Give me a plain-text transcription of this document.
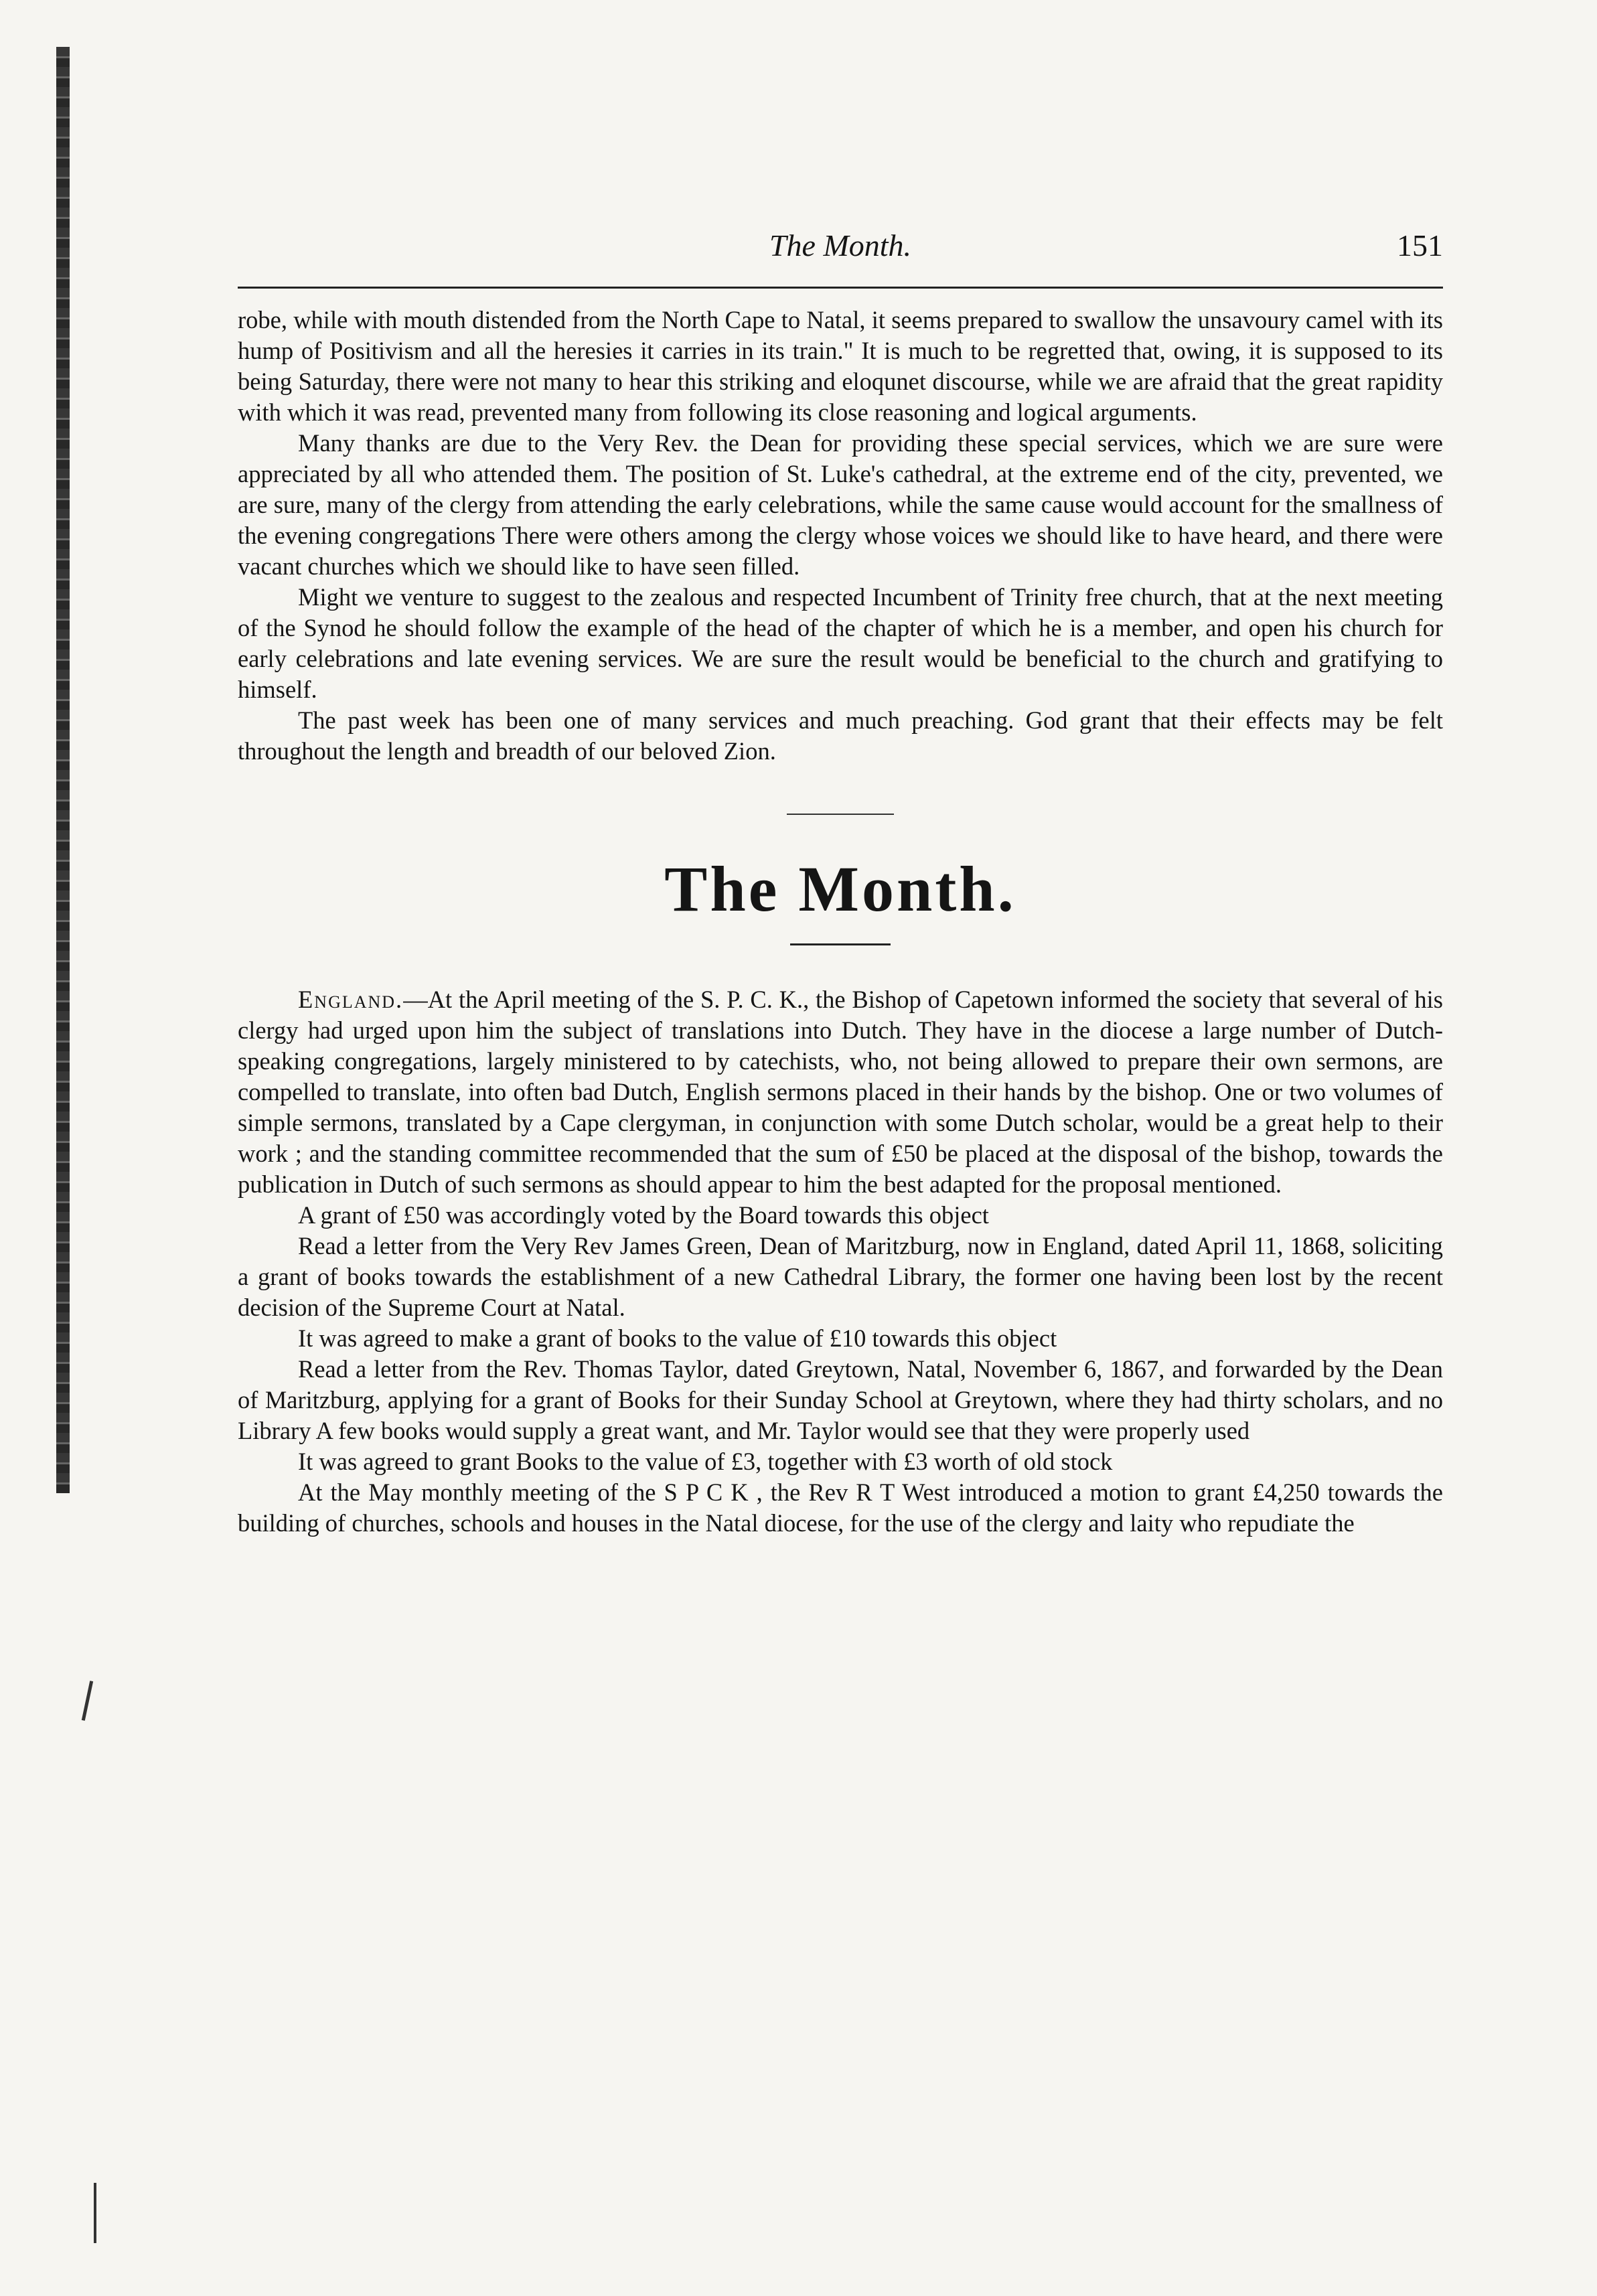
The Month.	151

robe, while with mouth distended from the North Cape to Natal, it seems prepared to swallow the unsavoury camel with its hump of Positivism and all the heresies it carries in its train." It is much to be regretted that, owing, it is supposed to its being Saturday, there were not many to hear this striking and eloqunet discourse, while we are afraid that the great rapidity with which it was read, prevented many from following its close reasoning and logical arguments.

Many thanks are due to the Very Rev. the Dean for providing these special services, which we are sure were appreciated by all who attended them. The position of St. Luke's cathedral, at the extreme end of the city, prevented, we are sure, many of the clergy from attending the early celebrations, while the same cause would account for the smallness of the evening congregations There were others among the clergy whose voices we should like to have heard, and there were vacant churches which we should like to have seen filled.

Might we venture to suggest to the zealous and respected Incumbent of Trinity free church, that at the next meeting of the Synod he should follow the example of the head of the chapter of which he is a member, and open his church for early celebrations and late evening services. We are sure the result would be beneficial to the church and gratifying to himself.

The past week has been one of many services and much preaching. God grant that their effects may be felt throughout the length and breadth of our beloved Zion.

The Month.

England.—At the April meeting of the S. P. C. K., the Bishop of Capetown informed the society that several of his clergy had urged upon him the subject of translations into Dutch. They have in the diocese a large number of Dutch-speaking congregations, largely ministered to by catechists, who, not being allowed to prepare their own sermons, are compelled to translate, into often bad Dutch, English sermons placed in their hands by the bishop. One or two volumes of simple sermons, translated by a Cape clergyman, in conjunction with some Dutch scholar, would be a great help to their work ; and the standing committee recommended that the sum of £50 be placed at the disposal of the bishop, towards the publication in Dutch of such sermons as should appear to him the best adapted for the proposal mentioned.

A grant of £50 was accordingly voted by the Board towards this object

Read a letter from the Very Rev James Green, Dean of Maritzburg, now in England, dated April 11, 1868, soliciting a grant of books towards the establishment of a new Cathedral Library, the former one having been lost by the recent decision of the Supreme Court at Natal.

It was agreed to make a grant of books to the value of £10 towards this object

Read a letter from the Rev. Thomas Taylor, dated Greytown, Natal, November 6, 1867, and forwarded by the Dean of Maritzburg, applying for a grant of Books for their Sunday School at Greytown, where they had thirty scholars, and no Library A few books would supply a great want, and Mr. Taylor would see that they were properly used

It was agreed to grant Books to the value of £3, together with £3 worth of old stock

At the May monthly meeting of the S P C K , the Rev R T West introduced a motion to grant £4,250 towards the building of churches, schools and houses in the Natal diocese, for the use of the clergy and laity who repudiate the
